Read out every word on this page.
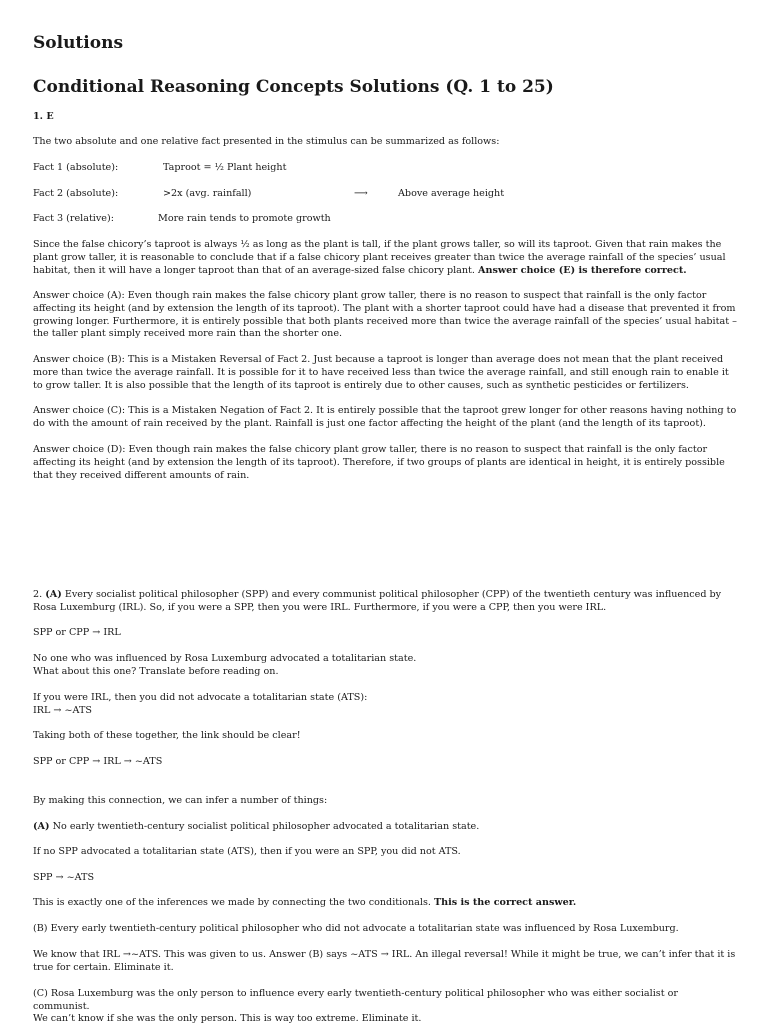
Solutions
Conditional Reasoning Concepts Solutions (Q. 1 to 25)

1. E

The two absolute and one relative fact presented in the stimulus can be summarized as follows:

Fact 1 (absolute):	Taproot = ½ Plant height
Fact 2 (absolute):	>2x (avg. rainfall)	⟶	Above average height
Fact 3 (relative):	More rain tends to promote growth

Since the false chicory’s taproot is always ½ as long as the plant is tall, if the plant grows taller, so will its taproot. Given that rain makes the plant grow taller, it is reasonable to conclude that if a false chicory plant receives greater than twice the average rainfall of the species’ usual habitat, then it will have a longer taproot than that of an average-sized false chicory plant. Answer choice (E) is therefore correct.

Answer choice (A): Even though rain makes the false chicory plant grow taller, there is no reason to suspect that rainfall is the only factor affecting its height (and by extension the length of its taproot). The plant with a shorter taproot could have had a disease that prevented it from growing longer. Furthermore, it is entirely possible that both plants received more than twice the average rainfall of the species’ usual habitat – the taller plant simply received more rain than the shorter one.

Answer choice (B): This is a Mistaken Reversal of Fact 2. Just because a taproot is longer than average does not mean that the plant received more than twice the average rainfall. It is possible for it to have received less than twice the average rainfall, and still enough rain to enable it to grow taller. It is also possible that the length of its taproot is entirely due to other causes, such as synthetic pesticides or fertilizers.

Answer choice (C): This is a Mistaken Negation of Fact 2. It is entirely possible that the taproot grew longer for other reasons having nothing to do with the amount of rain received by the plant. Rainfall is just one factor affecting the height of the plant (and the length of its taproot).

Answer choice (D): Even though rain makes the false chicory plant grow taller, there is no reason to suspect that rainfall is the only factor affecting its height (and by extension the length of its taproot). Therefore, if two groups of plants are identical in height, it is entirely possible that they received different amounts of rain.

2. (A) Every socialist political philosopher (SPP) and every communist political philosopher (CPP) of the twentieth century was influenced by Rosa Luxemburg (IRL). So, if you were a SPP, then you were IRL. Furthermore, if you were a CPP, then you were IRL.

SPP or CPP → IRL

No one who was influenced by Rosa Luxemburg advocated a totalitarian state.

What about this one? Translate before reading on.

If you were IRL, then you did not advocate a totalitarian state (ATS):

IRL → ~ATS

Taking both of these together, the link should be clear!

SPP or CPP → IRL → ~ATS

By making this connection, we can infer a number of things:

(A) No early twentieth-century socialist political philosopher advocated a totalitarian state.

If no SPP advocated a totalitarian state (ATS), then if you were an SPP, you did not ATS.

SPP → ~ATS

This is exactly one of the inferences we made by connecting the two conditionals. This is the correct answer.

(B) Every early twentieth-century political philosopher who did not advocate a totalitarian state was influenced by Rosa Luxemburg.

We know that IRL →~ATS. This was given to us. Answer (B) says ~ATS → IRL. An illegal reversal! While it might be true, we can’t infer that it is true for certain. Eliminate it.

(C) Rosa Luxemburg was the only person to influence every early twentieth-century political philosopher who was either socialist or communist.

We can’t know if she was the only person. This is way too extreme. Eliminate it.
